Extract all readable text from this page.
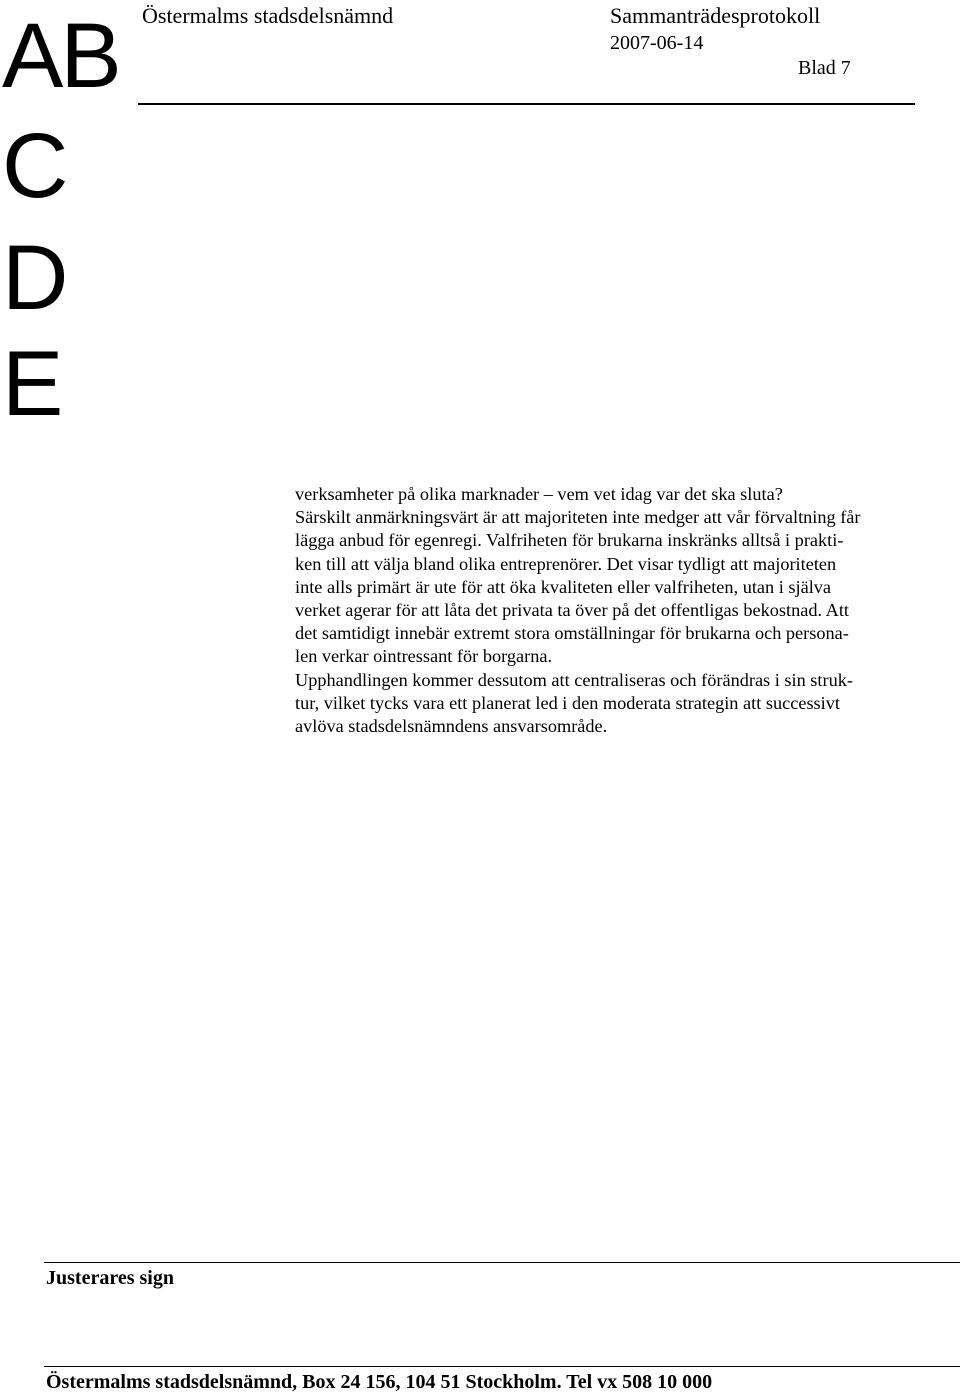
AB
C
D
E
Östermalms stadsdelsnämnd	Sammanträdesprotokoll
2007-06-14
Blad 7
verksamheter på olika marknader – vem vet idag var det ska sluta?
Särskilt anmärkningsvärt är att majoriteten inte medger att vår förvaltning får
lägga anbud för egenregi. Valfriheten för brukarna inskränks alltså i prakti-
ken till att välja bland olika entreprenörer. Det visar tydligt att majoriteten
inte alls primärt är ute för att öka kvaliteten eller valfriheten, utan i själva
verket agerar för att låta det privata ta över på det offentligas bekostnad. Att
det samtidigt innebär extremt stora omställningar för brukarna och persona-
len verkar ointressant för borgarna.
Upphandlingen kommer dessutom att centraliseras och förändras i sin struk-
tur, vilket tycks vara ett planerat led i den moderata strategin att successivt
avlöva stadsdelsnämndens ansvarsområde.
Justerares sign
Östermalms stadsdelsnämnd, Box 24 156, 104 51 Stockholm. Tel vx 508 10 000
